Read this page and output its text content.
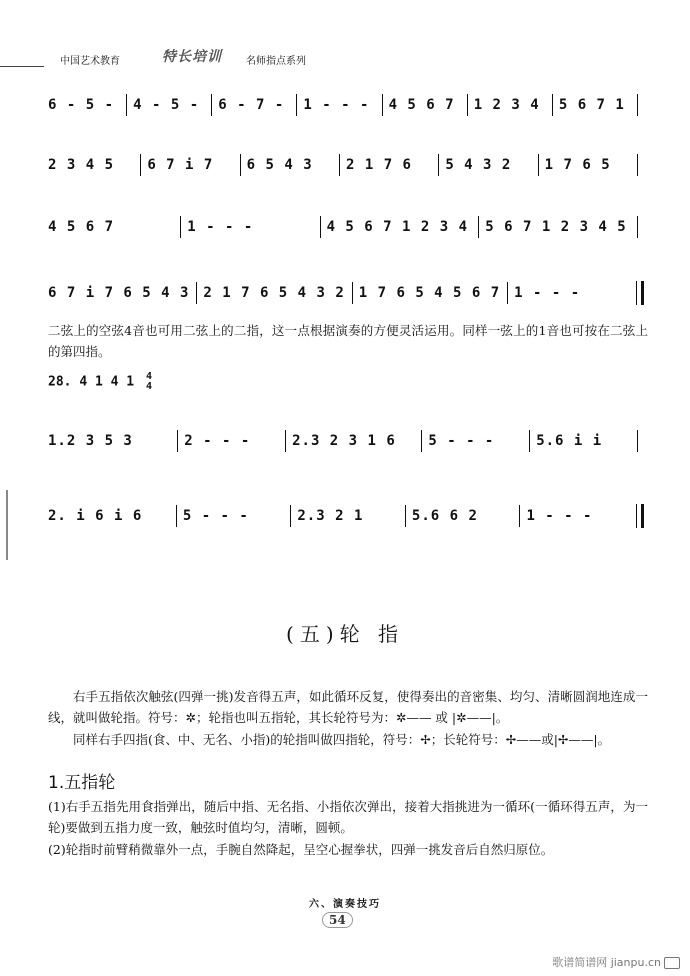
中国艺术教育	特长培训 名师指点系列
6 - 5 -	4 - 5 -	6 - 7 -	1 - - -	4 5 6 7	1 2 3 4	5 6 7 1
2 3 4 5	6 7 i 7	6 5 4 3	2 1 7 6	5 4 3 2	1 7 6 5
4 5 6 7	1 - - -	4 5 6 7 1 2 3 4	5 6 7 1 2 3 4 5
6 7 i 7 6 5 4 3 2 1 7 6 5 4 3 2 1 7 6 5 4 5 6 7 1 - - -
二弦上的空弦4音也可用二弦上的二指，这一点根据演奏的方便灵活运用。同样一弦上的1音也可按在二弦上的第四指。
28. 4 1 4 1 4
4
1.2 3 5 3	2 - - -	2.3 2 3 1 6	5 - - -	5.6 i i
2. i 6 i 6	5 - - -	2.3 2 1	5.6 6 2	1 - - -
(五)轮 指
右手五指依次触弦(四弹一挑)发音得五声，如此循环反复，使得奏出的音密集、均匀、清晰圆润地连成一线，就叫做轮指。符号：✲；轮指也叫五指轮，其长轮符号为：✲—— 或 |✲——|。
同样右手四指(食、中、无名、小指)的轮指叫做四指轮，符号：✢；长轮符号：✢——或|✢——|。
1.五指轮
(1)右手五指先用食指弹出，随后中指、无名指、小指依次弹出，接着大指挑进为一循环(一循环得五声，为一轮)要做到五指力度一致，触弦时值均匀，清晰，圆顿。
(2)轮指时前臂稍微靠外一点，手腕自然降起，呈空心握拳状，四弹一挑发音后自然归原位。
六、演奏技巧
54
歌谱简谱网 jianpu.cn
